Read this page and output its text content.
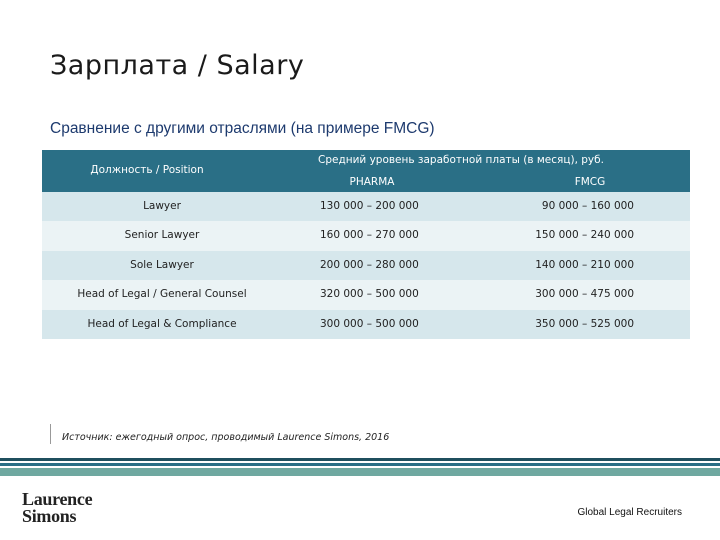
Зарплата / Salary
Сравнение с другими отраслями (на примере FMCG)
Должность / Position
Средний уровень заработной платы (в месяц), руб.
PHARMA	FMCG
Lawyer	130 000 – 200 000	90 000 – 160 000
Senior Lawyer	160 000 – 270 000	150 000 – 240 000
Sole Lawyer	200 000 – 280 000	140 000 – 210 000
Head of Legal / General Counsel	320 000 – 500 000	300 000 – 475 000
Head of Legal & Compliance	300 000 – 500 000	350 000 – 525 000
Источник: ежегодный опрос, проводимый Laurence Simons, 2016
Laurence
Simons	Global Legal Recruiters
